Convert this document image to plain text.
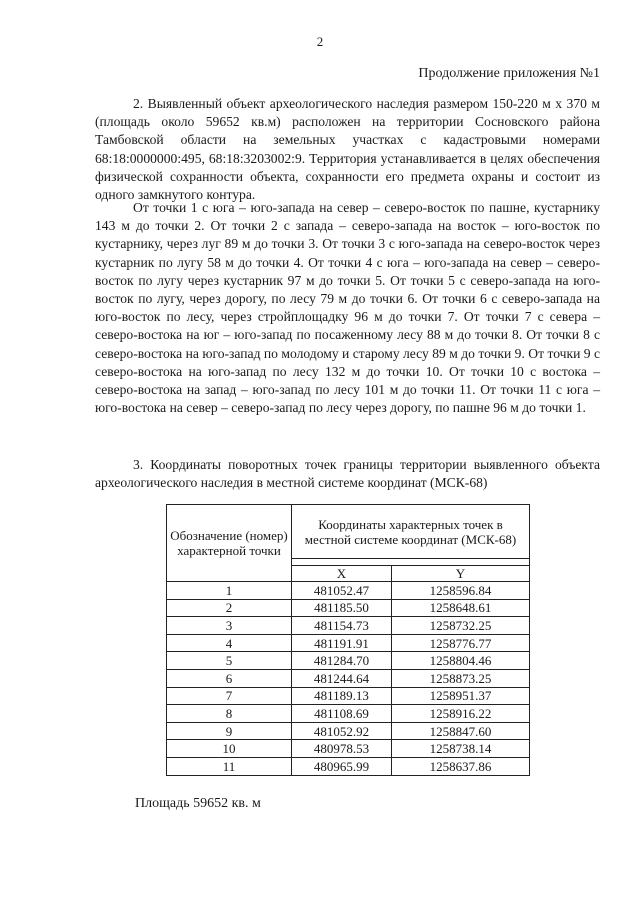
2
Продолжение приложения №1

2. Выявленный объект археологического наследия размером 150-220 м х 370 м (площадь около 59652 кв.м) расположен на территории Сосновского района Тамбовской области на земельных участках с кадастровыми номерами 68:18:0000000:495, 68:18:3203002:9. Территория устанавливается в целях обеспечения физической сохранности объекта, сохранности его предмета охраны и состоит из одного замкнутого контура.

От точки 1 с юга – юго-запада на север – северо-восток по пашне, кустарнику 143 м до точки 2. От точки 2 с запада – северо-запада на восток – юго-восток по кустарнику, через луг 89 м до точки 3. От точки 3 с юго-запада на северо-восток через кустарник по лугу 58 м до точки 4. От точки 4 с юга – юго-запада на север – северо-восток по лугу через кустарник 97 м до точки 5. От точки 5 с северо-запада на юго-восток по лугу, через дорогу, по лесу 79 м до точки 6. От точки 6 с северо-запада на юго-восток по лесу, через стройплощадку 96 м до точки 7. От точки 7 с севера – северо-востока на юг – юго-запад по посаженному лесу 88 м до точки 8. От точки 8 с северо-востока на юго-запад по молодому и старому лесу 89 м до точки 9. От точки 9 с северо-востока на юго-запад по лесу 132 м до точки 10. От точки 10 с востока – северо-востока на запад – юго-запад по лесу 101 м до точки 11. От точки 11 с юга – юго-востока на север – северо-запад по лесу через дорогу, по пашне 96 м до точки 1.

3. Координаты поворотных точек границы территории выявленного объекта археологического наследия в местной системе координат (МСК-68)

Обозначение (номер) характерной точки	Координаты характерных точек в местной системе координат (МСК-68)	

	X	Y
1	481052.47	1258596.84
2	481185.50	1258648.61
3	481154.73	1258732.25
4	481191.91	1258776.77
5	481284.70	1258804.46
6	481244.64	1258873.25
7	481189.13	1258951.37
8	481108.69	1258916.22
9	481052.92	1258847.60
10	480978.53	1258738.14
11	480965.99	1258637.86
Площадь 59652 кв. м
